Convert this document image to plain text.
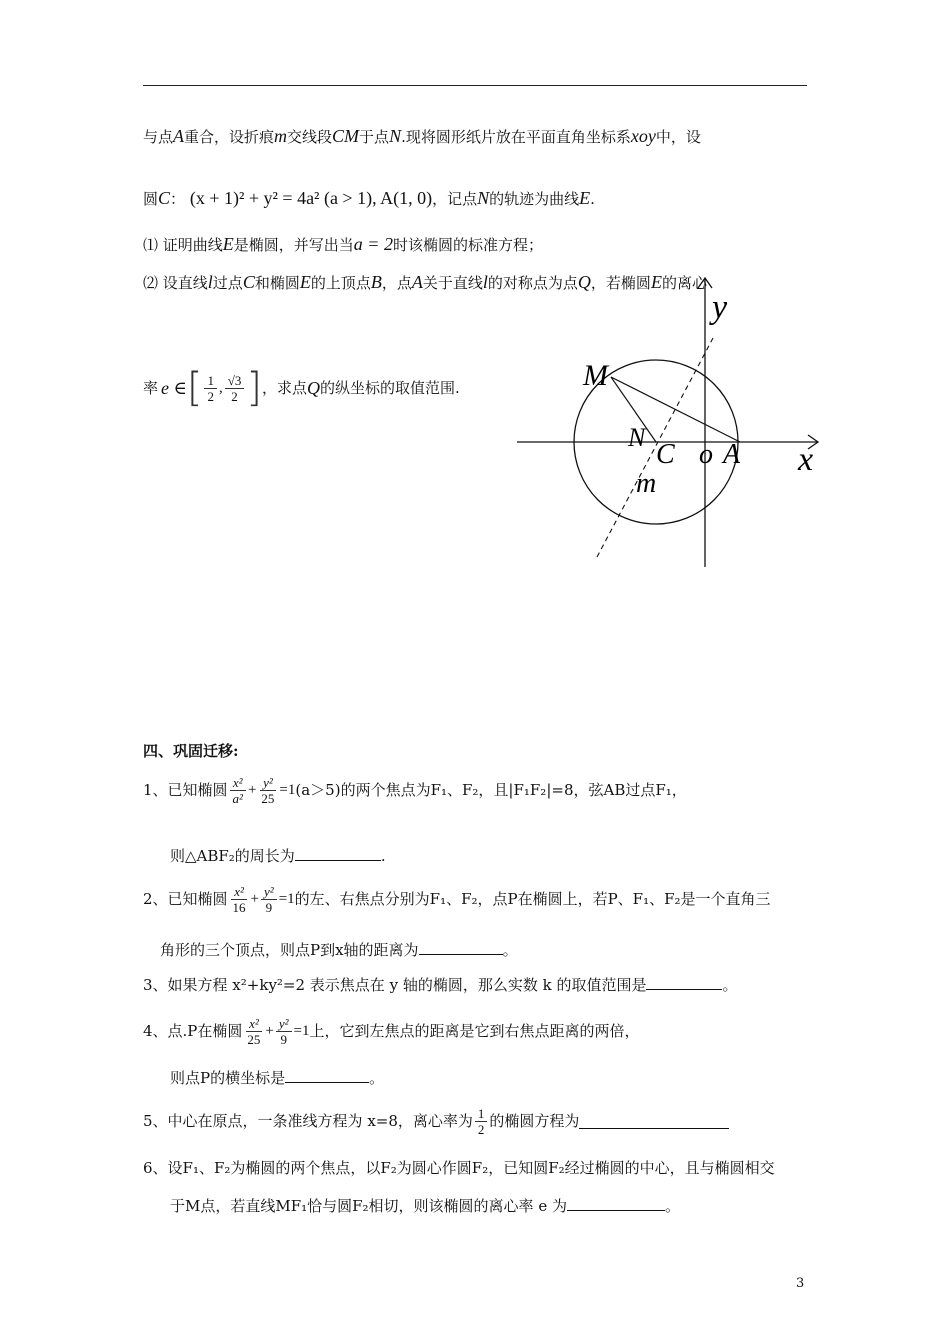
与点A重合，设折痕m交线段CM于点N.现将圆形纸片放在平面直角坐标系xoy中，设
圆C： (x + 1)² + y² = 4a² (a > 1), A(1, 0)，记点N的轨迹为曲线E.
⑴ 证明曲线E是椭圆，并写出当a = 2时该椭圆的标准方程；
⑵ 设直线l过点C和椭圆E的上顶点B，点A关于直线l的对称点为点Q，若椭圆E的离心
率 e ∈ [ $\frac{1}{2}$ , $\frac{√3}{2}$ ] ，求点 Q 的纵坐标的取值范围.	M
N
C o A x
y
m
四、巩固迁移:
1、已知椭圆 $\frac{\text{x²}}{\text{a²}} + \frac{\text{y²}}{25} =1$ (a＞5)的两个焦点为F₁、F₂，且|F₁F₂|=8，弦AB过点F₁，
则△ABF₂的周长为	.
2、已知椭圆 $\frac{\text{x²}}{16} + \frac{\text{y²}}{9} =1$ 的左、右焦点分别为F₁、F₂，点P在椭圆上，若P、F₁、F₂是一个直角三
角形的三个顶点，则点P到x轴的距离为	。
3、如果方程 x²+ky²=2 表示焦点在 y 轴的椭圆，那么实数 k 的取值范围是	。
4、点.P在椭圆 $\frac{\text{x²}}{25} + \frac{\text{y²}}{9} =1$ 上，它到左焦点的距离是它到右焦点距离的两倍，
则点P的横坐标是	。
5、中心在原点，一条准线方程为 x=8，离心率为 $\frac{1}{2}$ 的椭圆方程为
6、设F₁、F₂为椭圆的两个焦点，以F₂为圆心作圆F₂，已知圆F₂经过椭圆的中心，且与椭圆相交
于M点，若直线MF₁恰与圆F₂相切，则该椭圆的离心率 e 为	。
3
